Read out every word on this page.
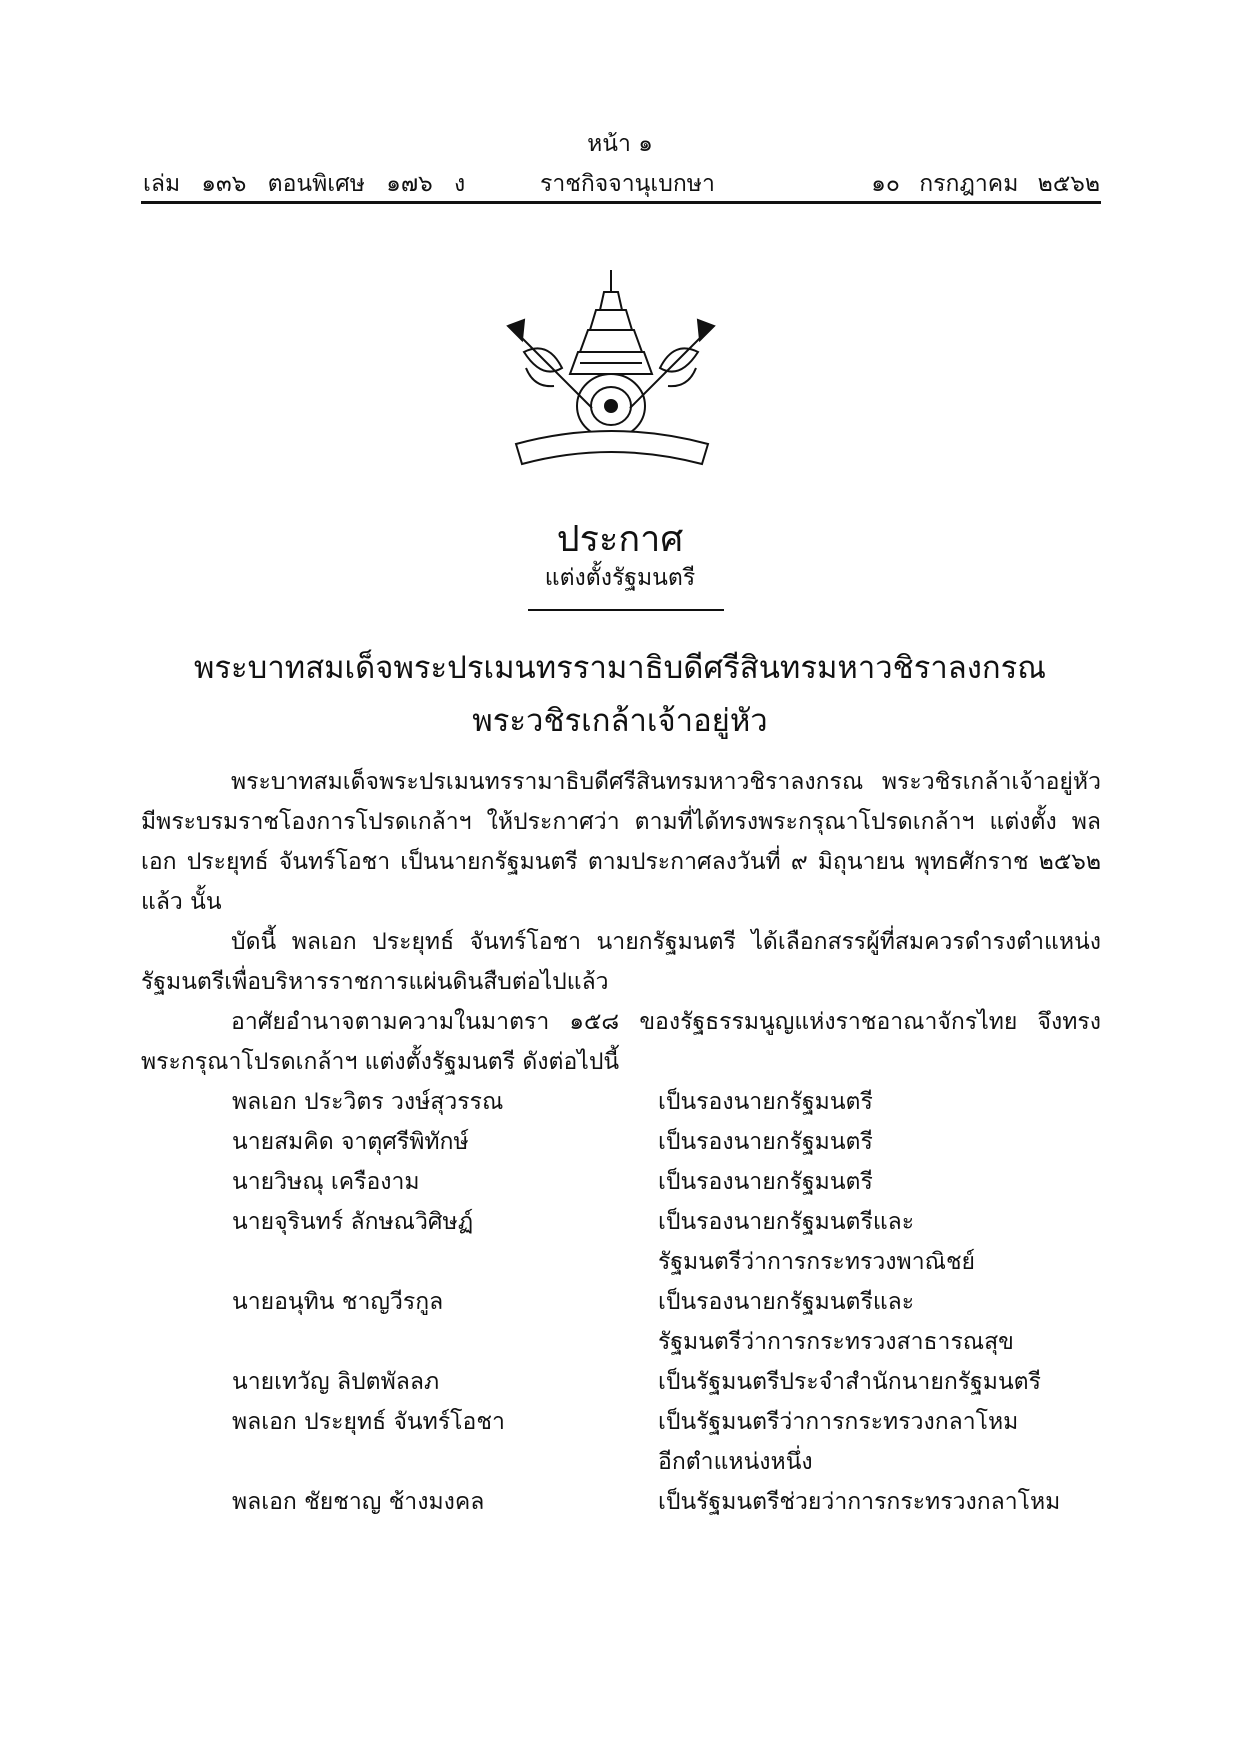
หน้า ๑
เล่ม ๑๓๖ ตอนพิเศษ ๑๗๖ ง	ราชกิจจานุเบกษา	๑๐ กรกฎาคม ๒๕๖๒
ประกาศ
แต่งตั้งรัฐมนตรี
พระบาทสมเด็จพระปรเมนทรรามาธิบดีศรีสินทรมหาวชิราลงกรณ
พระวชิรเกล้าเจ้าอยู่หัว
พระบาทสมเด็จพระปรเมนทรรามาธิบดีศรีสินทรมหาวชิราลงกรณ พระวชิรเกล้าเจ้าอยู่หัว มีพระบรมราชโองการโปรดเกล้าฯ ให้ประกาศว่า ตามที่ได้ทรงพระกรุณาโปรดเกล้าฯ แต่งตั้ง พลเอก ประยุทธ์ จันทร์โอชา เป็นนายกรัฐมนตรี ตามประกาศลงวันที่ ๙ มิถุนายน พุทธศักราช ๒๕๖๒ แล้ว นั้น
บัดนี้ พลเอก ประยุทธ์ จันทร์โอชา นายกรัฐมนตรี ได้เลือกสรรผู้ที่สมควรดำรงตำแหน่งรัฐมนตรีเพื่อบริหารราชการแผ่นดินสืบต่อไปแล้ว
อาศัยอำนาจตามความในมาตรา ๑๕๘ ของรัฐธรรมนูญแห่งราชอาณาจักรไทย จึงทรงพระกรุณาโปรดเกล้าฯ แต่งตั้งรัฐมนตรี ดังต่อไปนี้
พลเอก ประวิตร วงษ์สุวรรณ	เป็นรองนายกรัฐมนตรี
นายสมคิด จาตุศรีพิทักษ์	เป็นรองนายกรัฐมนตรี
นายวิษณุ เครืองาม	เป็นรองนายกรัฐมนตรี
นายจุรินทร์ ลักษณวิศิษฏ์	เป็นรองนายกรัฐมนตรีและ
รัฐมนตรีว่าการกระทรวงพาณิชย์
นายอนุทิน ชาญวีรกูล	เป็นรองนายกรัฐมนตรีและ
รัฐมนตรีว่าการกระทรวงสาธารณสุข
นายเทวัญ ลิปตพัลลภ	เป็นรัฐมนตรีประจำสำนักนายกรัฐมนตรี
พลเอก ประยุทธ์ จันทร์โอชา	เป็นรัฐมนตรีว่าการกระทรวงกลาโหม
อีกตำแหน่งหนึ่ง
พลเอก ชัยชาญ ช้างมงคล	เป็นรัฐมนตรีช่วยว่าการกระทรวงกลาโหม
